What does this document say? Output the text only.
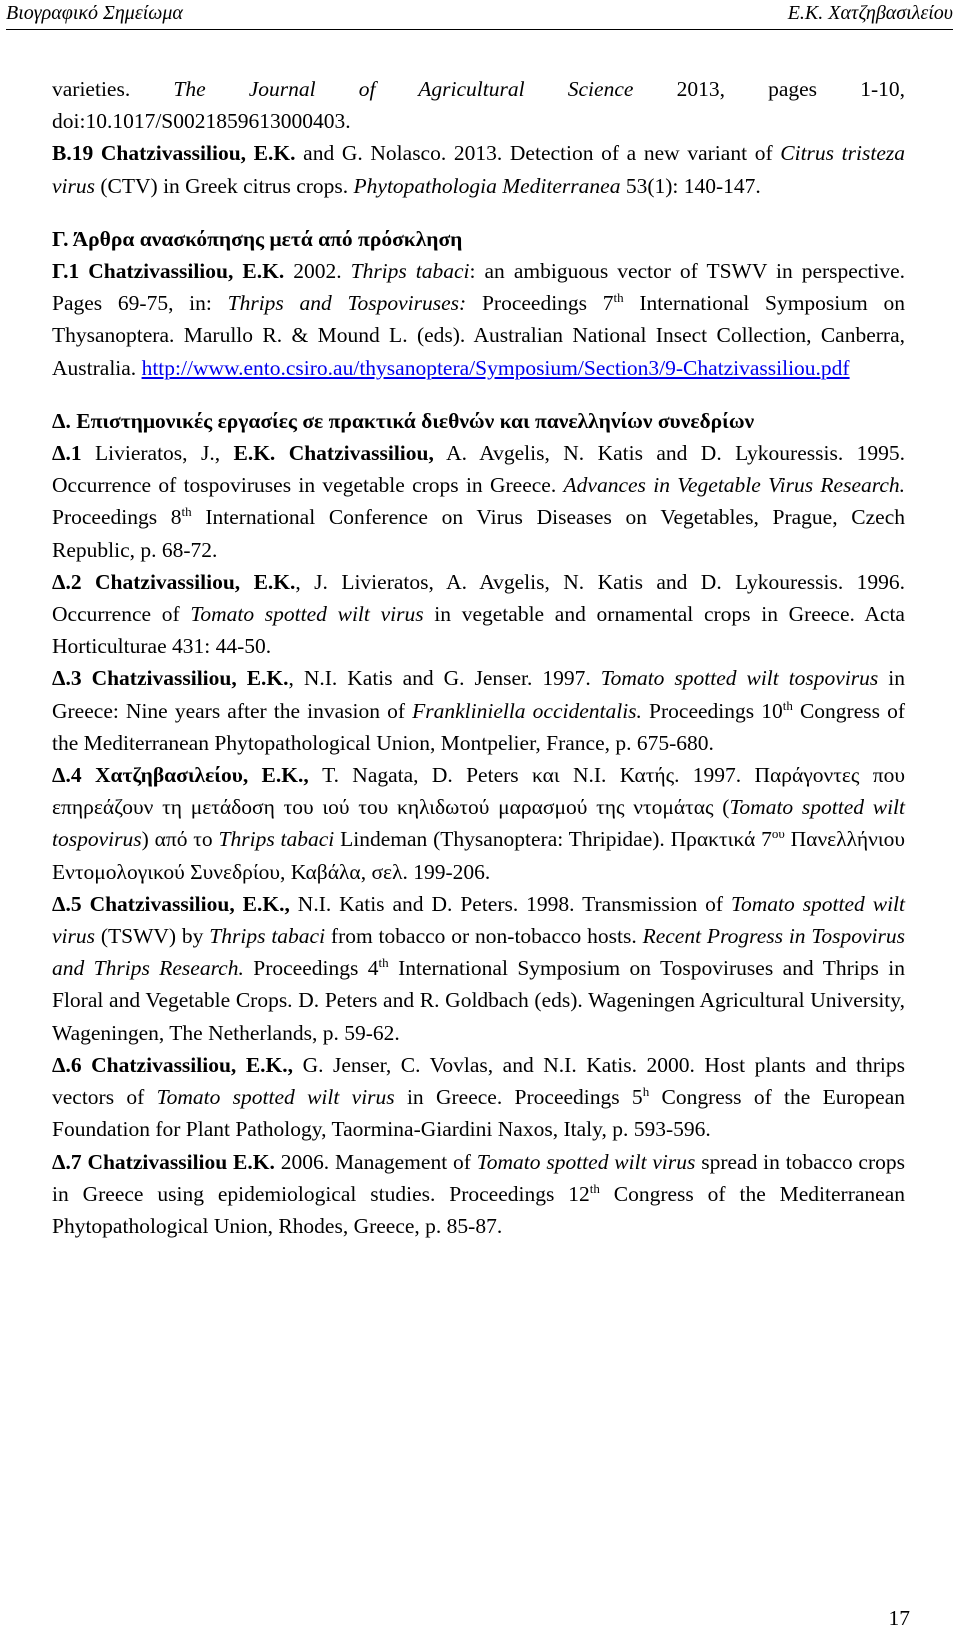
Βιογραφικό Σημείωμα	Ε.Κ. Χατζηβασιλείου

varieties. The Journal of Agricultural Science 2013, pages 1-10, doi:10.1017/S0021859613000403.

B.19 Chatzivassiliou, E.K. and G. Nolasco. 2013. Detection of a new variant of Citrus tristeza virus (CTV) in Greek citrus crops. Phytopathologia Mediterranea 53(1): 140-147.

Γ. Άρθρα ανασκόπησης μετά από πρόσκληση

Γ.1 Chatzivassiliou, E.K. 2002. Thrips tabaci: an ambiguous vector of TSWV in perspective. Pages 69-75, in: Thrips and Tospoviruses: Proceedings 7th International Symposium on Thysanoptera. Marullo R. & Mound L. (eds). Australian National Insect Collection, Canberra, Australia. http://www.ento.csiro.au/thysanoptera/Symposium/Section3/9-Chatzivassiliou.pdf

Δ. Επιστημονικές εργασίες σε πρακτικά διεθνών και πανελληνίων συνεδρίων

Δ.1 Livieratos, J., E.K. Chatzivassiliou, A. Avgelis, N. Katis and D. Lykouressis. 1995. Occurrence of tospoviruses in vegetable crops in Greece. Advances in Vegetable Virus Research. Proceedings 8th International Conference on Virus Diseases on Vegetables, Prague, Czech Republic, p. 68-72.

Δ.2 Chatzivassiliou, E.K., J. Livieratos, A. Avgelis, N. Katis and D. Lykouressis. 1996. Occurrence of Tomato spotted wilt virus in vegetable and ornamental crops in Greece. Acta Horticulturae 431: 44-50.

Δ.3 Chatzivassiliou, E.K., N.I. Katis and G. Jenser. 1997. Tomato spotted wilt tospovirus in Greece: Nine years after the invasion of Frankliniella occidentalis. Proceedings 10th Congress of the Mediterranean Phytopathological Union, Montpelier, France, p. 675-680.

Δ.4 Χατζηβασιλείου, Ε.Κ., T. Nagata, D. Peters και Ν.Ι. Κατής. 1997. Παράγοντες που επηρεάζουν τη μετάδοση του ιού του κηλιδωτού μαρασμού της ντομάτας (Tomato spotted wilt tospovirus) από το Thrips tabaci Lindeman (Thysanoptera: Thripidae). Πρακτικά $7^{o\upsilon}$ Πανελλήνιου Εντομολογικού Συνεδρίου, Καβάλα, σελ. 199-206.

Δ.5 Chatzivassiliou, E.K., N.I. Katis and D. Peters. 1998. Transmission of Tomato spotted wilt virus (TSWV) by Thrips tabaci from tobacco or non-tobacco hosts. Recent Progress in Tospovirus and Thrips Research. Proceedings 4th International Symposium on Tospoviruses and Thrips in Floral and Vegetable Crops. D. Peters and R. Goldbach (eds). Wageningen Agricultural University, Wageningen, The Netherlands, p. 59-62.

Δ.6 Chatzivassiliou, E.K., G. Jenser, C. Vovlas, and N.I. Katis. 2000. Host plants and thrips vectors of Tomato spotted wilt virus in Greece. Proceedings 5$^h$ Congress of the European Foundation for Plant Pathology, Taormina-Giardini Naxos, Italy, p. 593-596.

Δ.7 Chatzivassiliou E.K. 2006. Management of Tomato spotted wilt virus spread in tobacco crops in Greece using epidemiological studies. Proceedings 12th Congress of the Mediterranean Phytopathological Union, Rhodes, Greece, p. 85-87.

17
